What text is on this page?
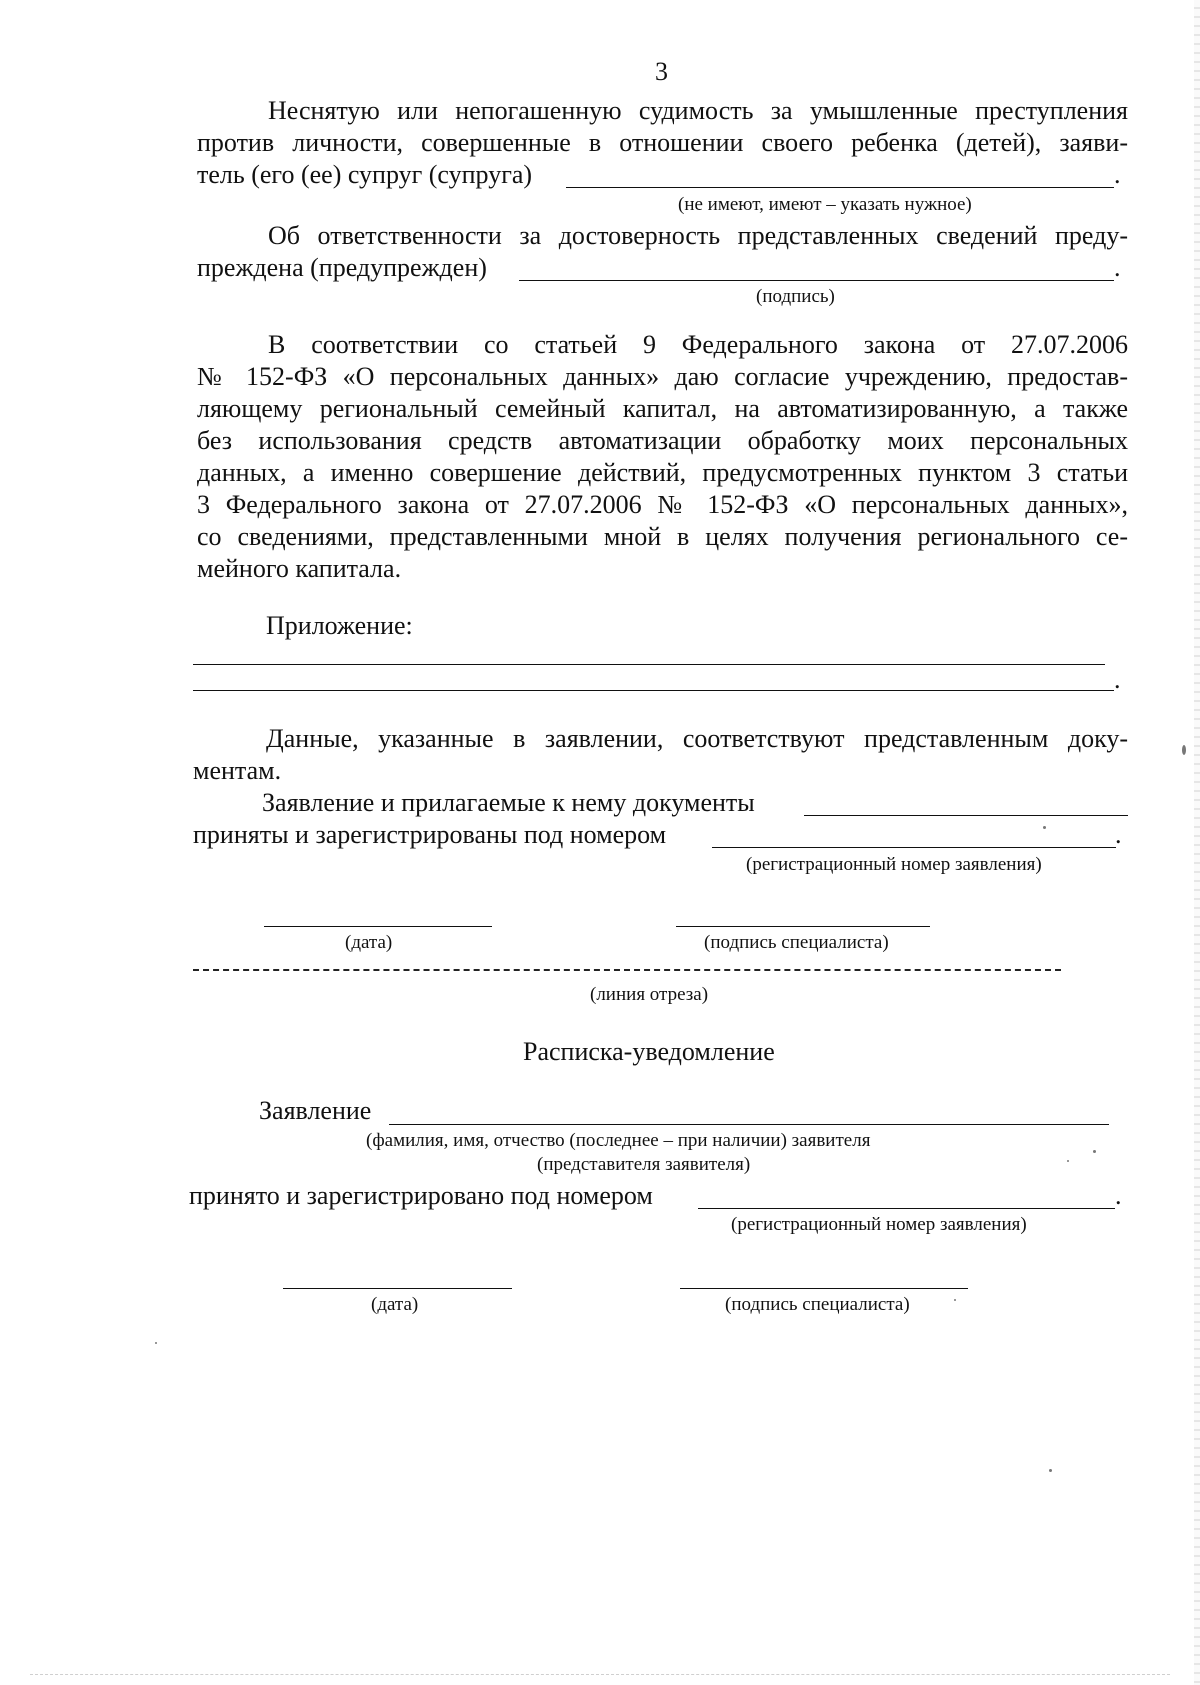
3
Неснятую или непогашенную судимость за умышленные преступления
против личности, совершенные в отношении своего ребенка (детей), заяви-
тель (его (ее) супруг (супруга)	.
(не имеют, имеют – указать нужное)
Об ответственности за достоверность представленных сведений преду-
преждена (предупрежден)	.
(подпись)
В соответствии со статьей 9 Федерального закона от 27.07.2006
№ 152-ФЗ «О персональных данных» даю согласие учреждению, предостав-
ляющему региональный семейный капитал, на автоматизированную, а также
без использования средств автоматизации обработку моих персональных
данных, а именно совершение действий, предусмотренных пунктом 3 статьи
3 Федерального закона от 27.07.2006 № 152-ФЗ «О персональных данных»,
со сведениями, представленными мной в целях получения регионального се-
мейного капитала.
Приложение:
.
Данные, указанные в заявлении, соответствуют представленным доку-
ментам.
Заявление и прилагаемые к нему документы
приняты и зарегистрированы под номером	.
(регистрационный номер заявления)
(дата)	(подпись специалиста)
(линия отреза)
Расписка-уведомление
Заявление
(фамилия, имя, отчество (последнее – при наличии) заявителя
(представителя заявителя)
принято и зарегистрировано под номером	.
(регистрационный номер заявления)
(дата)	(подпись специалиста)
